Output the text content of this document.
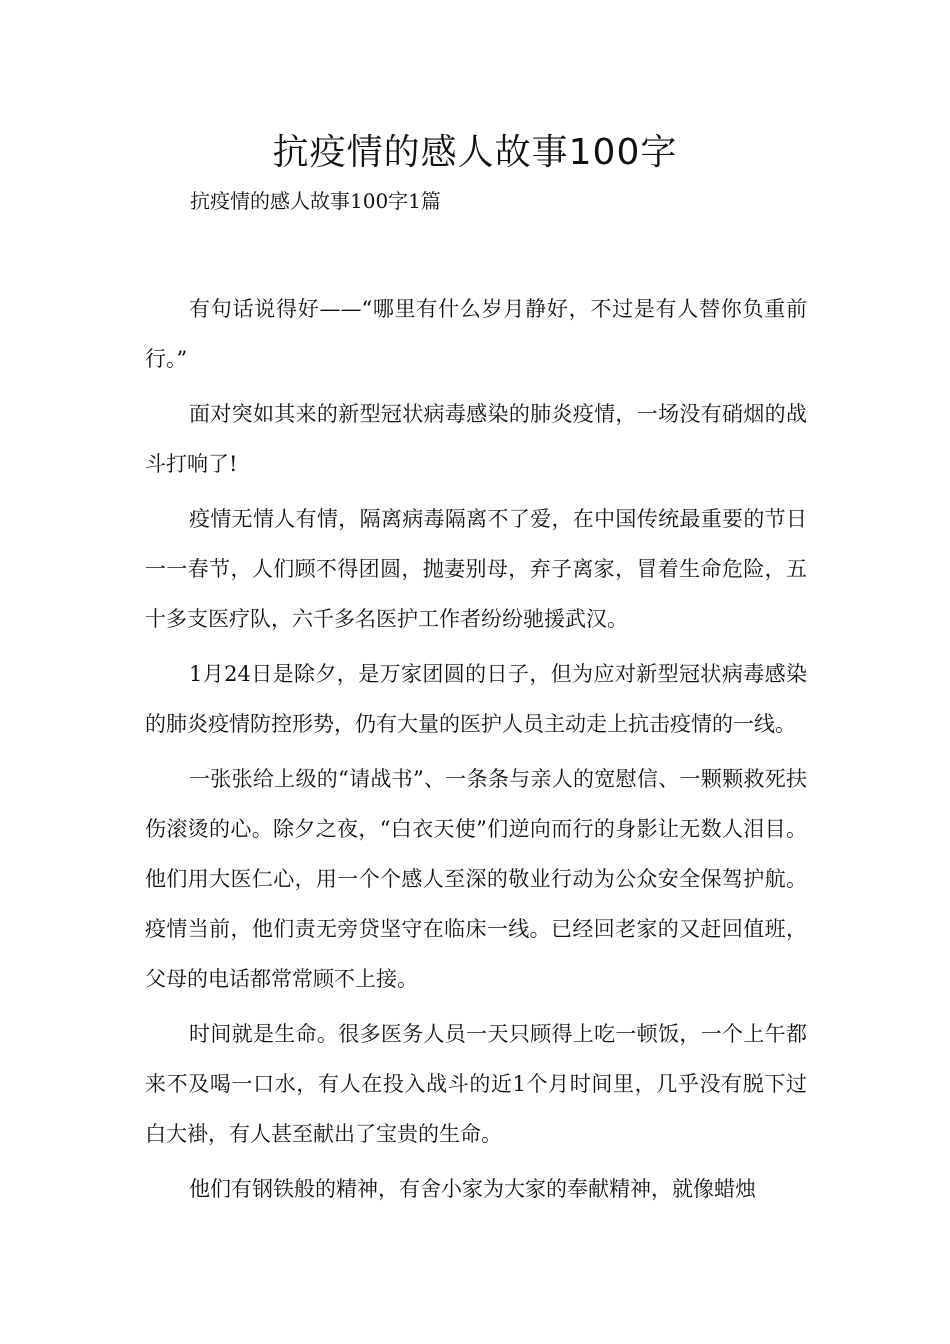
抗疫情的感人故事100字

抗疫情的感人故事100字1篇

有句话说得好——“哪里有什么岁月静好，不过是有人替你负重前行。”

面对突如其来的新型冠状病毒感染的肺炎疫情，一场没有硝烟的战斗打响了!

疫情无情人有情，隔离病毒隔离不了爱，在中国传统最重要的节日一一春节，人们顾不得团圆，抛妻别母，弃子离家，冒着生命危险，五十多支医疗队，六千多名医护工作者纷纷驰援武汉。

1月24日是除夕，是万家团圆的日子，但为应对新型冠状病毒感染的肺炎疫情防控形势，仍有大量的医护人员主动走上抗击疫情的一线。

一张张给上级的“请战书”、一条条与亲人的宽慰信、一颗颗救死扶伤滚烫的心。除夕之夜，“白衣天使”们逆向而行的身影让无数人泪目。他们用大医仁心，用一个个感人至深的敬业行动为公众安全保驾护航。疫情当前，他们责无旁贷坚守在临床一线。已经回老家的又赶回值班，父母的电话都常常顾不上接。

时间就是生命。很多医务人员一天只顾得上吃一顿饭，一个上午都来不及喝一口水，有人在投入战斗的近1个月时间里，几乎没有脱下过白大褂，有人甚至献出了宝贵的生命。

他们有钢铁般的精神，有舍小家为大家的奉献精神，就像蜡烛
